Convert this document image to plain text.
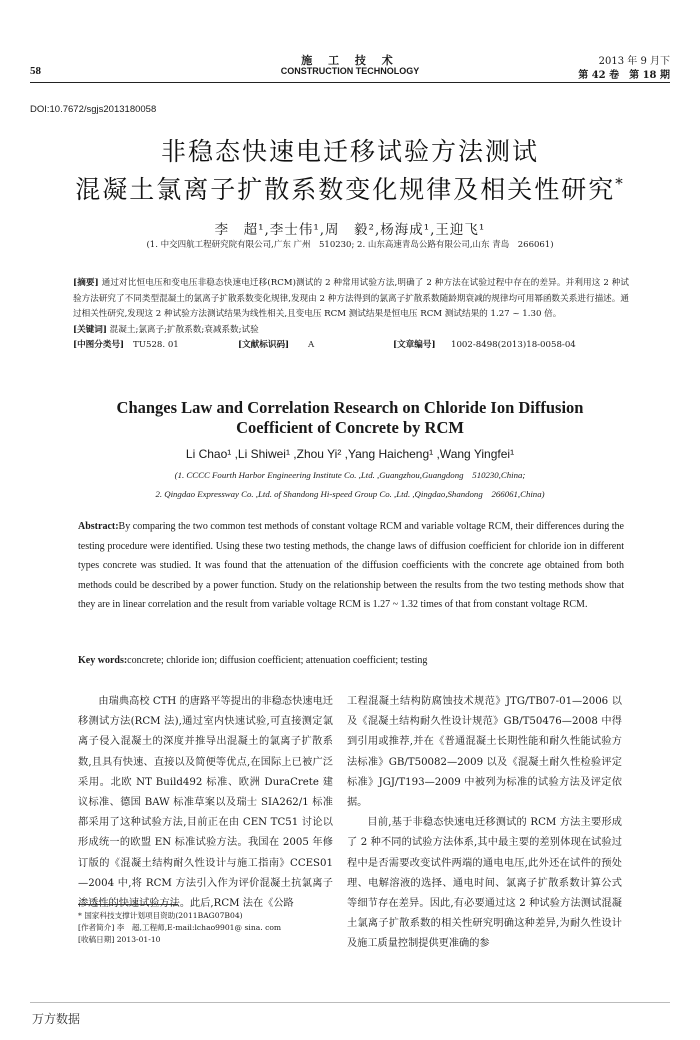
58
施 工 技 术
CONSTRUCTION TECHNOLOGY
2013 年 9 月下
第 42 卷　第 18 期
DOI:10.7672/sgjs2013180058
非稳态快速电迁移试验方法测试
混凝土氯离子扩散系数变化规律及相关性研究*
李　超¹,李士伟¹,周　毅²,杨海成¹,王迎飞¹
(1. 中交四航工程研究院有限公司,广东 广州　510230; 2. 山东高速青岛公路有限公司,山东 青岛　266061)
[摘要] 通过对比恒电压和变电压非稳态快速电迁移(RCM)测试的 2 种常用试验方法,明确了 2 种方法在试验过程中存在的差异。并利用这 2 种试验方法研究了不同类型混凝土的氯离子扩散系数变化规律,发现由 2 种方法得到的氯离子扩散系数随龄期衰减的规律均可用幂函数关系进行描述。通过相关性研究,发现这 2 种试验方法测试结果为线性相关,且变电压 RCM 测试结果是恒电压 RCM 测试结果的 1.27 ~ 1.30 倍。
[关键词] 混凝土;氯离子;扩散系数;衰减系数;试验
[中图分类号] TU528. 01	[文献标识码] A	[文章编号] 1002-8498(2013)18-0058-04
Changes Law and Correlation Research on Chloride Ion Diffusion
Coefficient of Concrete by RCM
Li Chao¹ ,Li Shiwei¹ ,Zhou Yi² ,Yang Haicheng¹ ,Wang Yingfei¹
(1. CCCC Fourth Harbor Engineering Institute Co. ,Ltd. ,Guangzhou,Guangdong　510230,China;
2. Qingdao Expressway Co. ,Ltd. of Shandong Hi-speed Group Co. ,Ltd. ,Qingdao,Shandong　266061,China)
Abstract:By comparing the two common test methods of constant voltage RCM and variable voltage RCM, their differences during the testing procedure were identified. Using these two testing methods, the change laws of diffusion coefficient for chloride ion in different types concrete was studied. It was found that the attenuation of the diffusion coefficients with the concrete age obtained from both methods could be described by a power function. Study on the relationship between the results from the two testing methods show that they are in linear correlation and the result from variable voltage RCM is 1.27 ~ 1.32 times of that from constant voltage RCM.
Key words:concrete; chloride ion; diffusion coefficient; attenuation coefficient; testing

由瑞典高校 CTH 的唐路平等提出的非稳态快速电迁移测试方法(RCM 法),通过室内快速试验,可直接测定氯离子侵入混凝土的深度并推导出混凝土的氯离子扩散系数,且具有快速、直接以及简便等优点,在国际上已被广泛采用。北欧 NT Build492 标准、欧洲 DuraCrete 建议标准、德国 BAW 标准草案以及瑞士 SIA262/1 标准都采用了这种试验方法,目前正在由 CEN TC51 讨论以形成统一的欧盟 EN 标准试验方法。我国在 2005 年修订版的《混凝土结构耐久性设计与施工指南》CCES01—2004 中,将 RCM 方法引入作为评价混凝土抗氯离子渗透性的快速试验方法。此后,RCM 法在《公路

工程混凝土结构防腐蚀技术规范》JTG/TB07-01—2006 以及《混凝土结构耐久性设计规范》GB/T50476—2008 中得到引用或推荐,并在《普通混凝土长期性能和耐久性能试验方法标准》GB/T50082—2009 以及《混凝土耐久性检验评定标准》JGJ/T193—2009 中被列为标准的试验方法及评定依据。

目前,基于非稳态快速电迁移测试的 RCM 方法主要形成了 2 种不同的试验方法体系,其中最主要的差别体现在试验过程中是否需要改变试件两端的通电电压,此外还在试件的预处理、电解溶液的选择、通电时间、氯离子扩散系数计算公式等细节存在差异。因此,有必要通过这 2 种试验方法测试混凝土氯离子扩散系数的相关性研究明确这种差异,为耐久性设计及施工质量控制提供更准确的参

* 国家科技支撑计划项目资助(2011BAG07B04)
[作者简介] 李　超,工程师,E-mail:lchao9901@ sina. com
[收稿日期] 2013-01-10
万方数据
